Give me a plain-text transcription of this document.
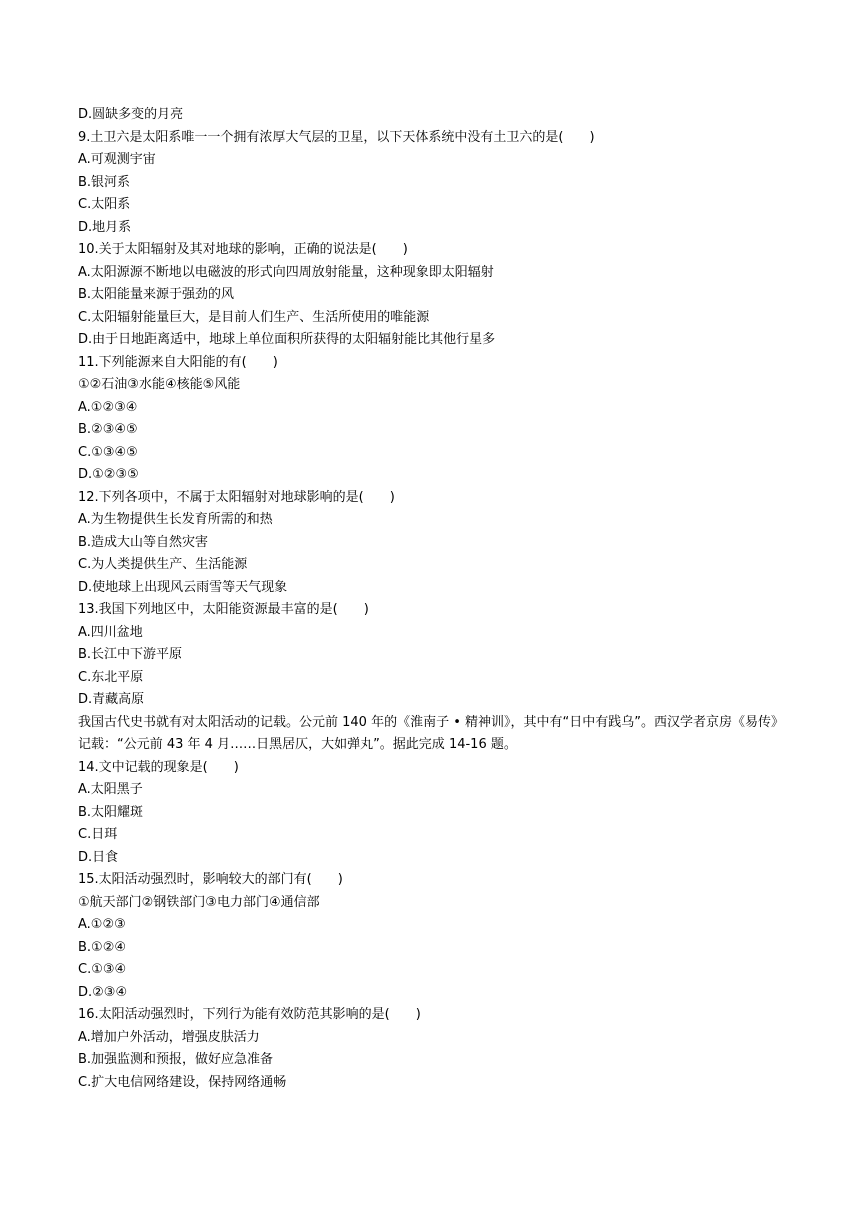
D.圆缺多变的月亮
9.土卫六是太阳系唯一一个拥有浓厚大气层的卫星，以下天体系统中没有土卫六的是(　　)
A.可观测宇宙
B.银河系
C.太阳系
D.地月系
10.关于太阳辐射及其对地球的影响，正确的说法是(　　)
A.太阳源源不断地以电磁波的形式向四周放射能量，这种现象即太阳辐射
B.太阳能量来源于强劲的风
C.太阳辐射能量巨大，是目前人们生产、生活所使用的唯能源
D.由于日地距离适中，地球上单位面积所获得的太阳辐射能比其他行星多
11.下列能源来自大阳能的有(　　)
①②石油③水能④核能⑤风能
A.①②③④
B.②③④⑤
C.①③④⑤
D.①②③⑤
12.下列各项中，不属于太阳辐射对地球影响的是(　　)
A.为生物提供生长发育所需的和热
B.造成大山等自然灾害
C.为人类提供生产、生活能源
D.使地球上出现风云雨雪等天气现象
13.我国下列地区中，太阳能资源最丰富的是(　　)
A.四川盆地
B.长江中下游平原
C.东北平原
D.青藏高原
我国古代史书就有对太阳活动的记载。公元前 140 年的《淮南子 • 精神训》，其中有“日中有践乌”。西汉学者京房《易传》记载：“公元前 43 年 4 月……日黑居仄，大如弹丸”。据此完成 14-16 题。
14.文中记载的现象是(　　)
A.太阳黑子
B.太阳耀斑
C.日珥
D.日食
15.太阳活动强烈时，影响较大的部门有(　　)
①航天部门②钢铁部门③电力部门④通信部
A.①②③
B.①②④
C.①③④
D.②③④
16.太阳活动强烈时，下列行为能有效防范其影响的是(　　)
A.增加户外活动，增强皮肤活力
B.加强监测和预报，做好应急准备
C.扩大电信网络建设，保持网络通畅
